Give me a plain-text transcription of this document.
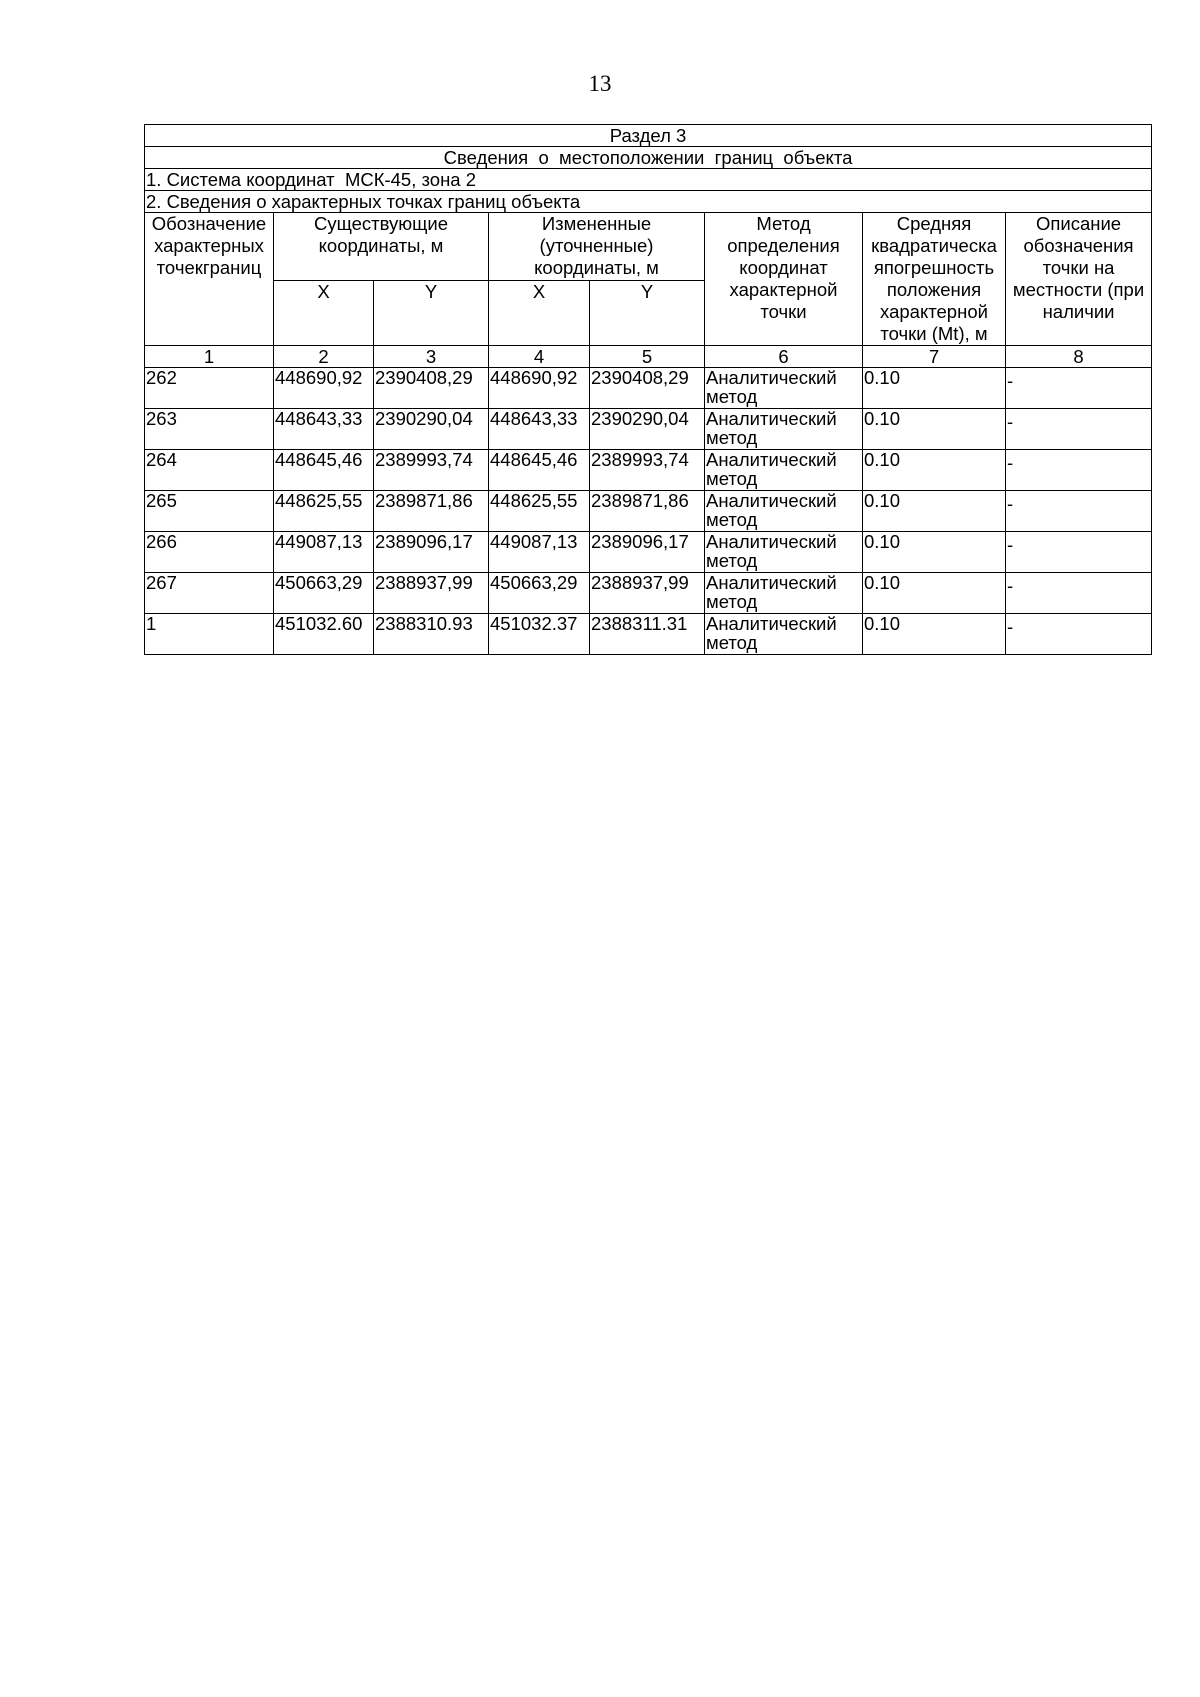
13
Раздел 3							
Сведения  о  местоположении  границ  объекта							
1. Система координат  МСК-45, зона 2							
2. Сведения о характерных точках границ объекта							
Обозначение характерных точекграниц	Существующие координаты, м		Измененные (уточненные) координаты, м		Метод определения координат характерной точки	Средняя квадратическа япогрешность положения характерной точки (Mt), м	Описание обозначения точки на местности (при наличии
	X	Y	X	Y			
1	2	3	4	5	6	7	8
262	448690,92	2390408,29	448690,92	2390408,29	Аналитический метод	0.10	-
263	448643,33	2390290,04	448643,33	2390290,04	Аналитический метод	0.10	-
264	448645,46	2389993,74	448645,46	2389993,74	Аналитический метод	0.10	-
265	448625,55	2389871,86	448625,55	2389871,86	Аналитический метод	0.10	-
266	449087,13	2389096,17	449087,13	2389096,17	Аналитический метод	0.10	-
267	450663,29	2388937,99	450663,29	2388937,99	Аналитический метод	0.10	-
1	451032.60	2388310.93	451032.37	2388311.31	Аналитический метод	0.10	-
